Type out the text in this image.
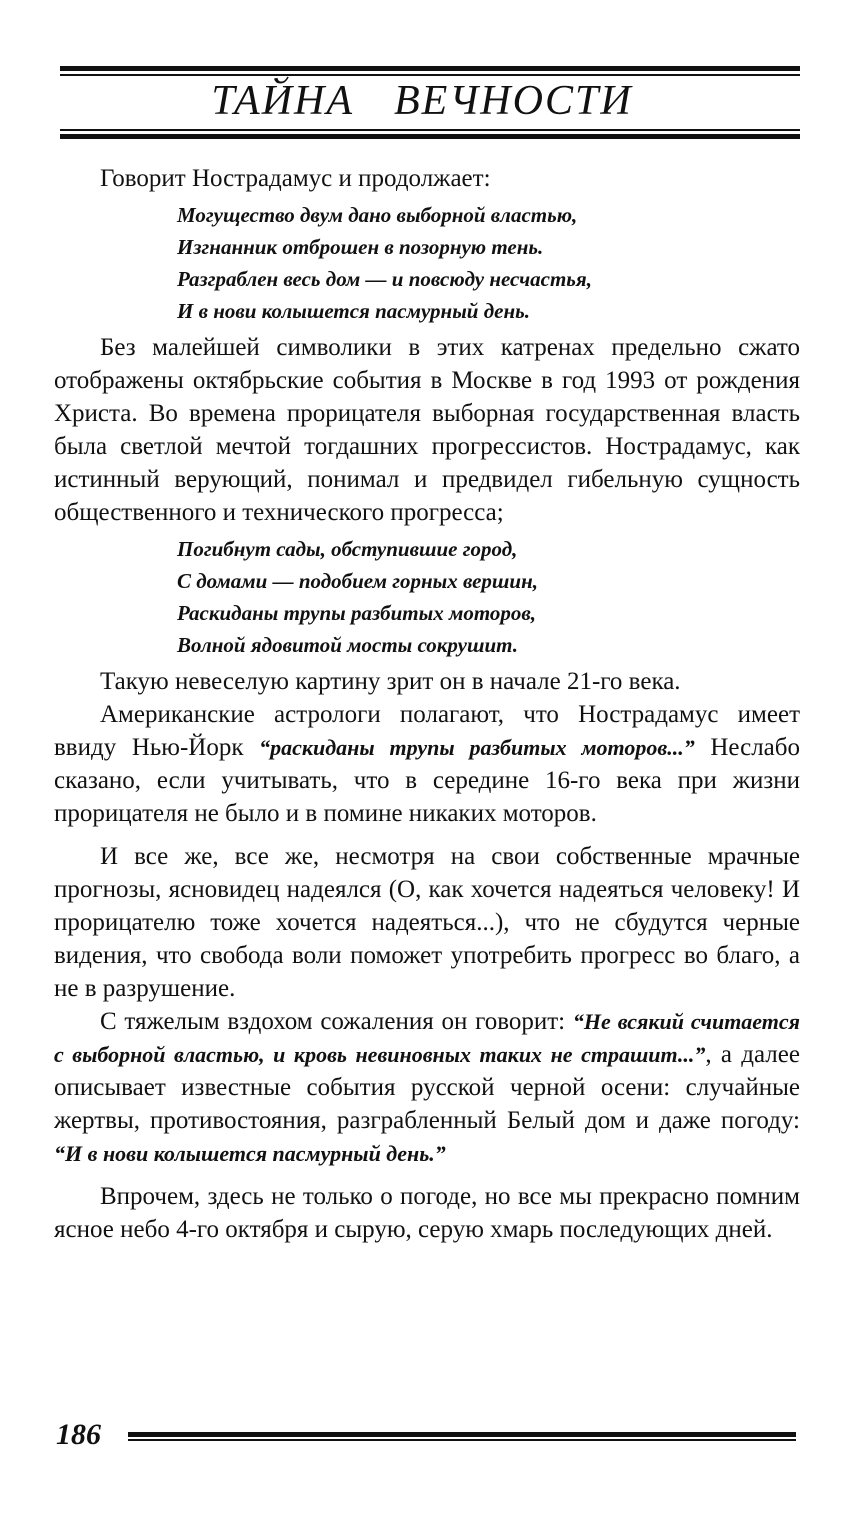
ТАЙНА ВЕЧНОСТИ

Говорит Нострадамус и продолжает:

Могущество двум дано выборной властью,
Изгнанник отброшен в позорную тень.
Разграблен весь дом — и повсюду несчастья,
И в нови колышется пасмурный день.

Без малейшей символики в этих катренах предельно сжато отображены октябрьские события в Москве в год 1993 от рождения Христа. Во времена прорицателя выборная государственная власть была светлой мечтой тогдашних прогрессистов. Нострадамус, как истинный верующий, понимал и предвидел гибельную сущность общественного и технического прогресса;

Погибнут сады, обступившие город,
С домами — подобием горных вершин,
Раскиданы трупы разбитых моторов,
Волной ядовитой мосты сокрушит.

Такую невеселую картину зрит он в начале 21-го века.

Американские астрологи полагают, что Нострадамус имеет ввиду Нью-Йорк “раскиданы трупы разбитых моторов...” Неслабо сказано, если учитывать, что в середине 16-го века при жизни прорицателя не было и в помине никаких моторов.

И все же, все же, несмотря на свои собственные мрачные прогнозы, ясновидец надеялся (О, как хочется надеяться человеку! И прорицателю тоже хочется надеяться...), что не сбудутся черные видения, что свобода воли поможет употребить прогресс во благо, а не в разрушение.

С тяжелым вздохом сожаления он говорит: “Не всякий считается с выборной властью, и кровь невиновных таких не страшит...”, а далее описывает известные события русской черной осени: случайные жертвы, противостояния, разграбленный Белый дом и даже погоду: “И в нови колышется пасмурный день.”

Впрочем, здесь не только о погоде, но все мы прекрасно помним ясное небо 4-го октября и сырую, серую хмарь последующих дней.

186
